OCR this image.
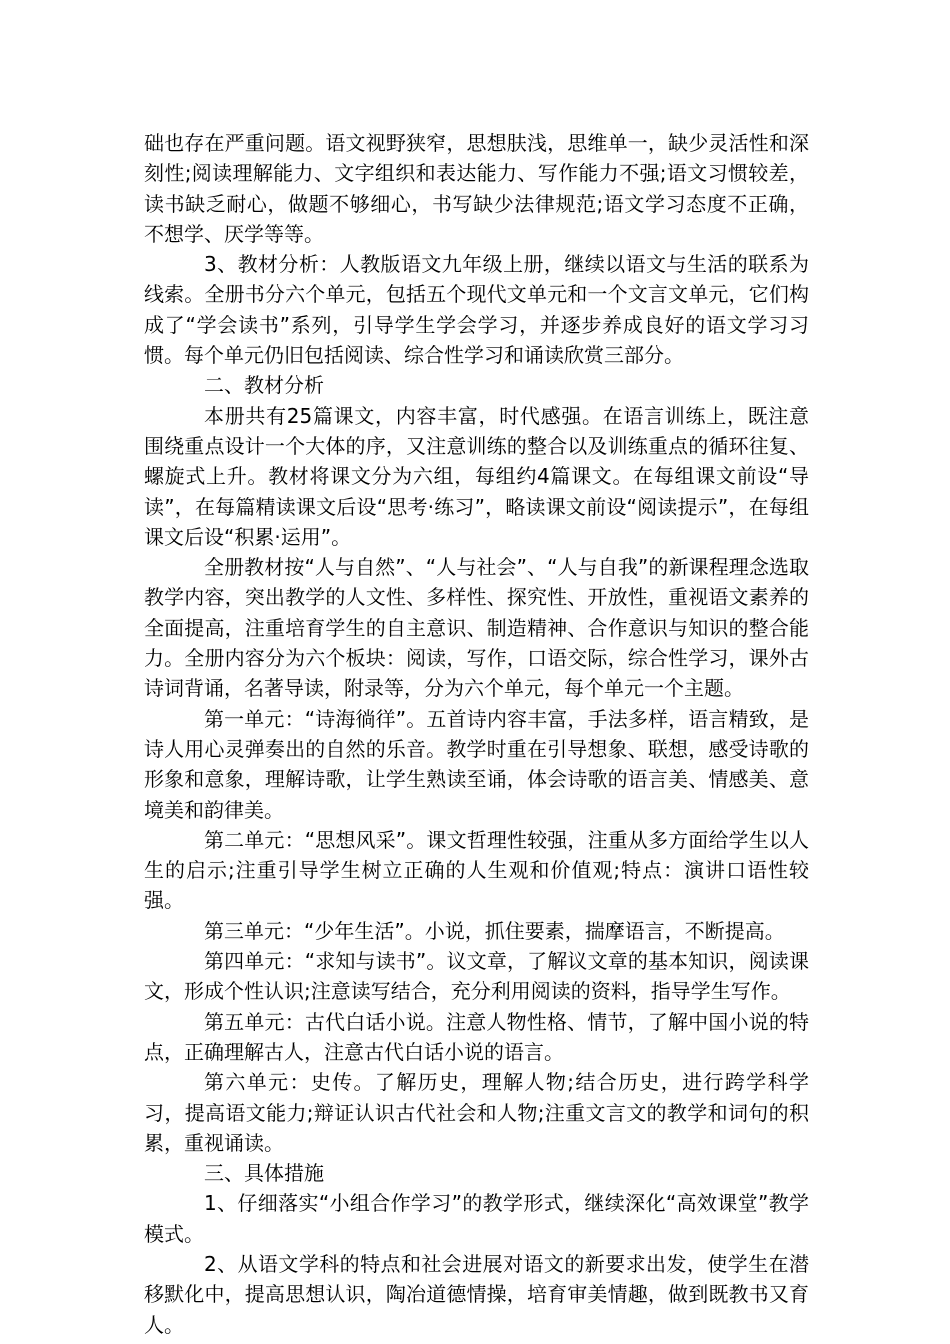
础也存在严重问题。语文视野狭窄，思想肤浅，思维单一，缺少灵活性和深刻性;阅读理解能力、文字组织和表达能力、写作能力不强;语文习惯较差，读书缺乏耐心，做题不够细心，书写缺少法律规范;语文学习态度不正确，不想学、厌学等等。

3、教材分析：人教版语文九年级上册，继续以语文与生活的联系为线索。全册书分六个单元，包括五个现代文单元和一个文言文单元，它们构成了“学会读书”系列，引导学生学会学习，并逐步养成良好的语文学习习惯。每个单元仍旧包括阅读、综合性学习和诵读欣赏三部分。

二、教材分析

本册共有25篇课文，内容丰富，时代感强。在语言训练上，既注意围绕重点设计一个大体的序，又注意训练的整合以及训练重点的循环往复、螺旋式上升。教材将课文分为六组，每组约4篇课文。在每组课文前设“导读”，在每篇精读课文后设“思考·练习”，略读课文前设“阅读提示”，在每组课文后设“积累·运用”。

全册教材按“人与自然”、“人与社会”、“人与自我”的新课程理念选取教学内容，突出教学的人文性、多样性、探究性、开放性，重视语文素养的全面提高，注重培育学生的自主意识、制造精神、合作意识与知识的整合能力。全册内容分为六个板块：阅读，写作，口语交际，综合性学习，课外古诗词背诵，名著导读，附录等，分为六个单元，每个单元一个主题。

第一单元：“诗海徜徉”。五首诗内容丰富，手法多样，语言精致，是诗人用心灵弹奏出的自然的乐音。教学时重在引导想象、联想，感受诗歌的形象和意象，理解诗歌，让学生熟读至诵，体会诗歌的语言美、情感美、意境美和韵律美。

第二单元：“思想风采”。课文哲理性较强，注重从多方面给学生以人生的启示;注重引导学生树立正确的人生观和价值观;特点：演讲口语性较强。

第三单元：“少年生活”。小说，抓住要素，揣摩语言，不断提高。

第四单元：“求知与读书”。议文章，了解议文章的基本知识，阅读课文，形成个性认识;注意读写结合，充分利用阅读的资料，指导学生写作。

第五单元：古代白话小说。注意人物性格、情节，了解中国小说的特点，正确理解古人，注意古代白话小说的语言。

第六单元：史传。了解历史，理解人物;结合历史，进行跨学科学习，提高语文能力;辩证认识古代社会和人物;注重文言文的教学和词句的积累，重视诵读。

三、具体措施

1、仔细落实“小组合作学习”的教学形式，继续深化“高效课堂”教学模式。

2、从语文学科的特点和社会进展对语文的新要求出发，使学生在潜移默化中，提高思想认识，陶冶道德情操，培育审美情趣，做到既教书又育人。
